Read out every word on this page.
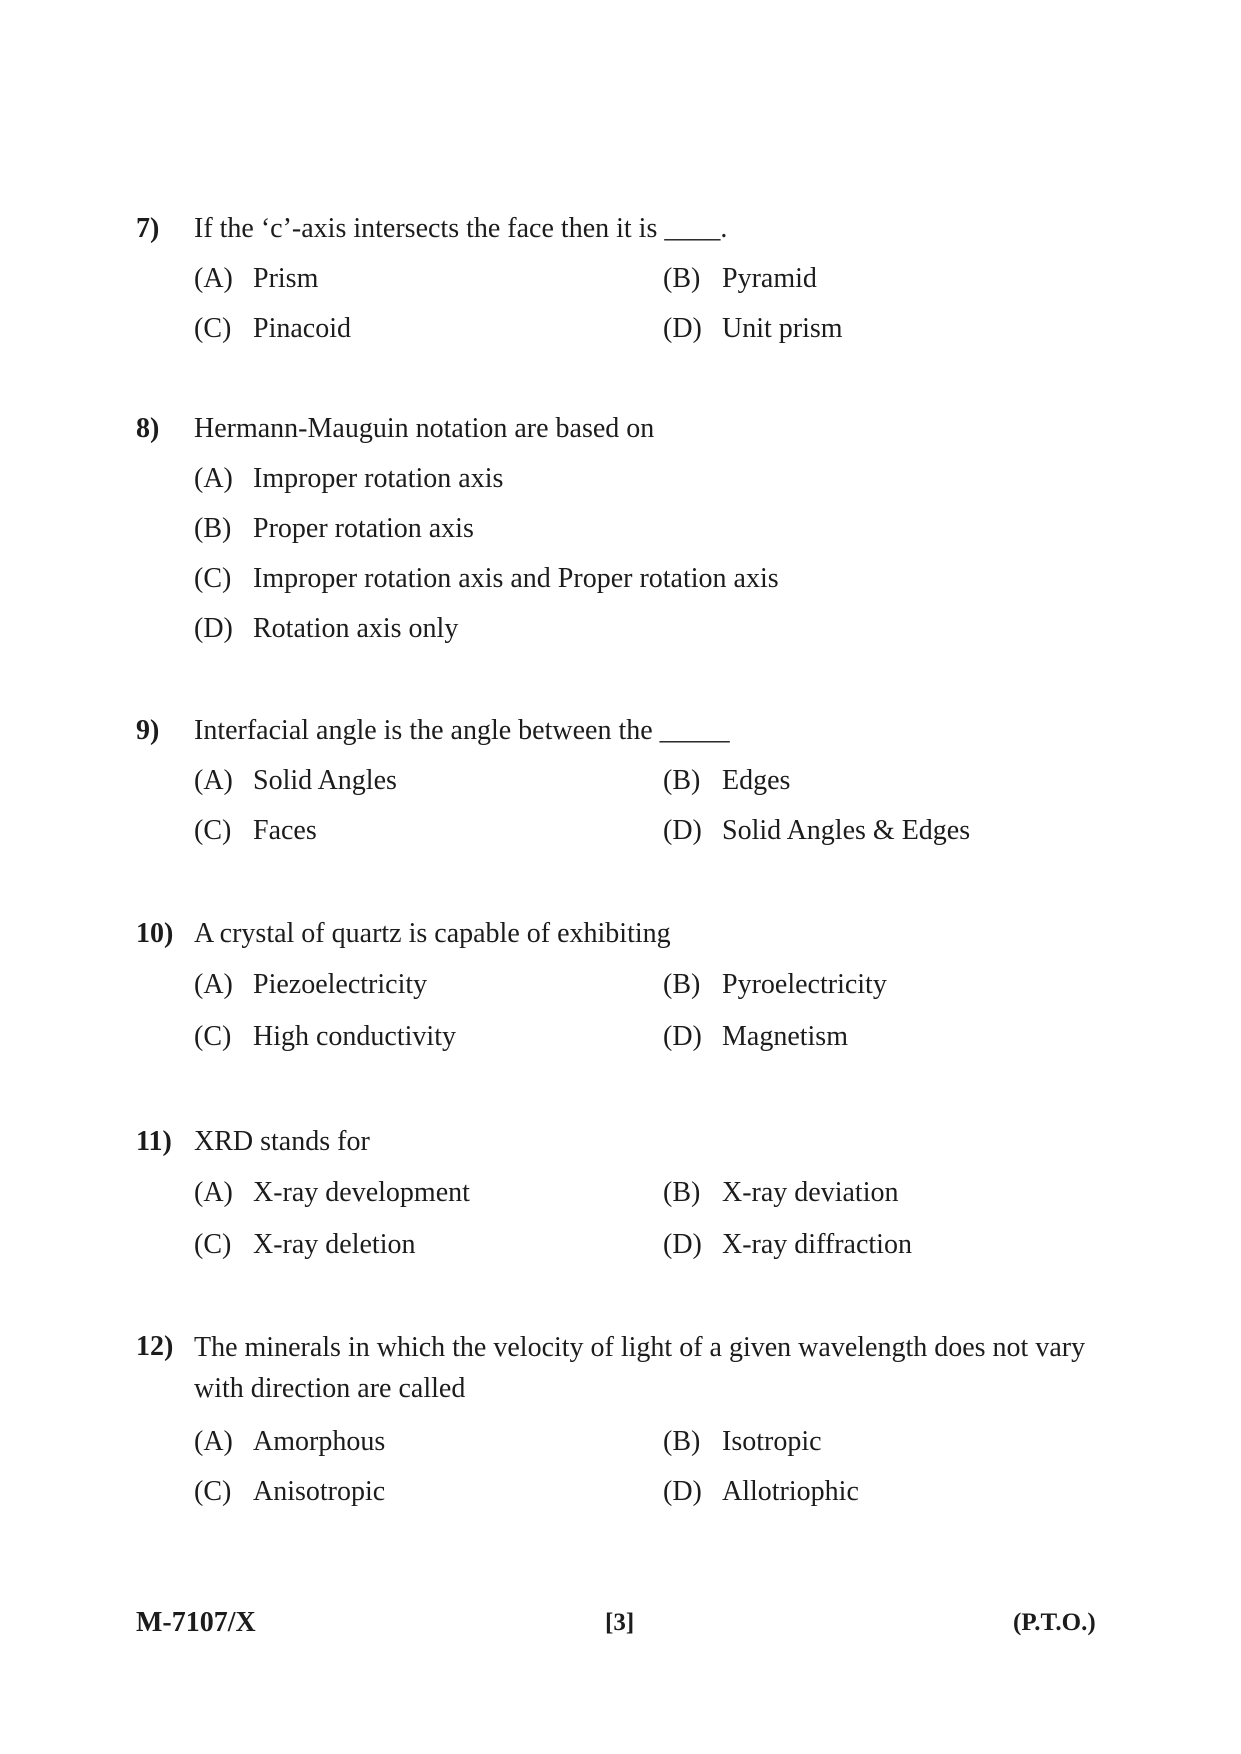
7) If the ‘c’-axis intersects the face then it is ____.
(A) Prism	(B) Pyramid
(C) Pinacoid	(D) Unit prism
8) Hermann-Mauguin notation are based on
(A) Improper rotation axis
(B) Proper rotation axis
(C) Improper rotation axis and Proper rotation axis
(D) Rotation axis only
9) Interfacial angle is the angle between the _____
(A) Solid Angles	(B) Edges
(C) Faces	(D) Solid Angles & Edges
10) A crystal of quartz is capable of exhibiting
(A) Piezoelectricity	(B) Pyroelectricity
(C) High conductivity	(D) Magnetism
11) XRD stands for
(A) X-ray development	(B) X-ray deviation
(C) X-ray deletion	(D) X-ray diffraction
12) The minerals in which the velocity of light of a given wavelength does not vary with direction are called
(A) Amorphous	(B) Isotropic
(C) Anisotropic	(D) Allotriophic
M-7107/X	[3]	(P.T.O.)
